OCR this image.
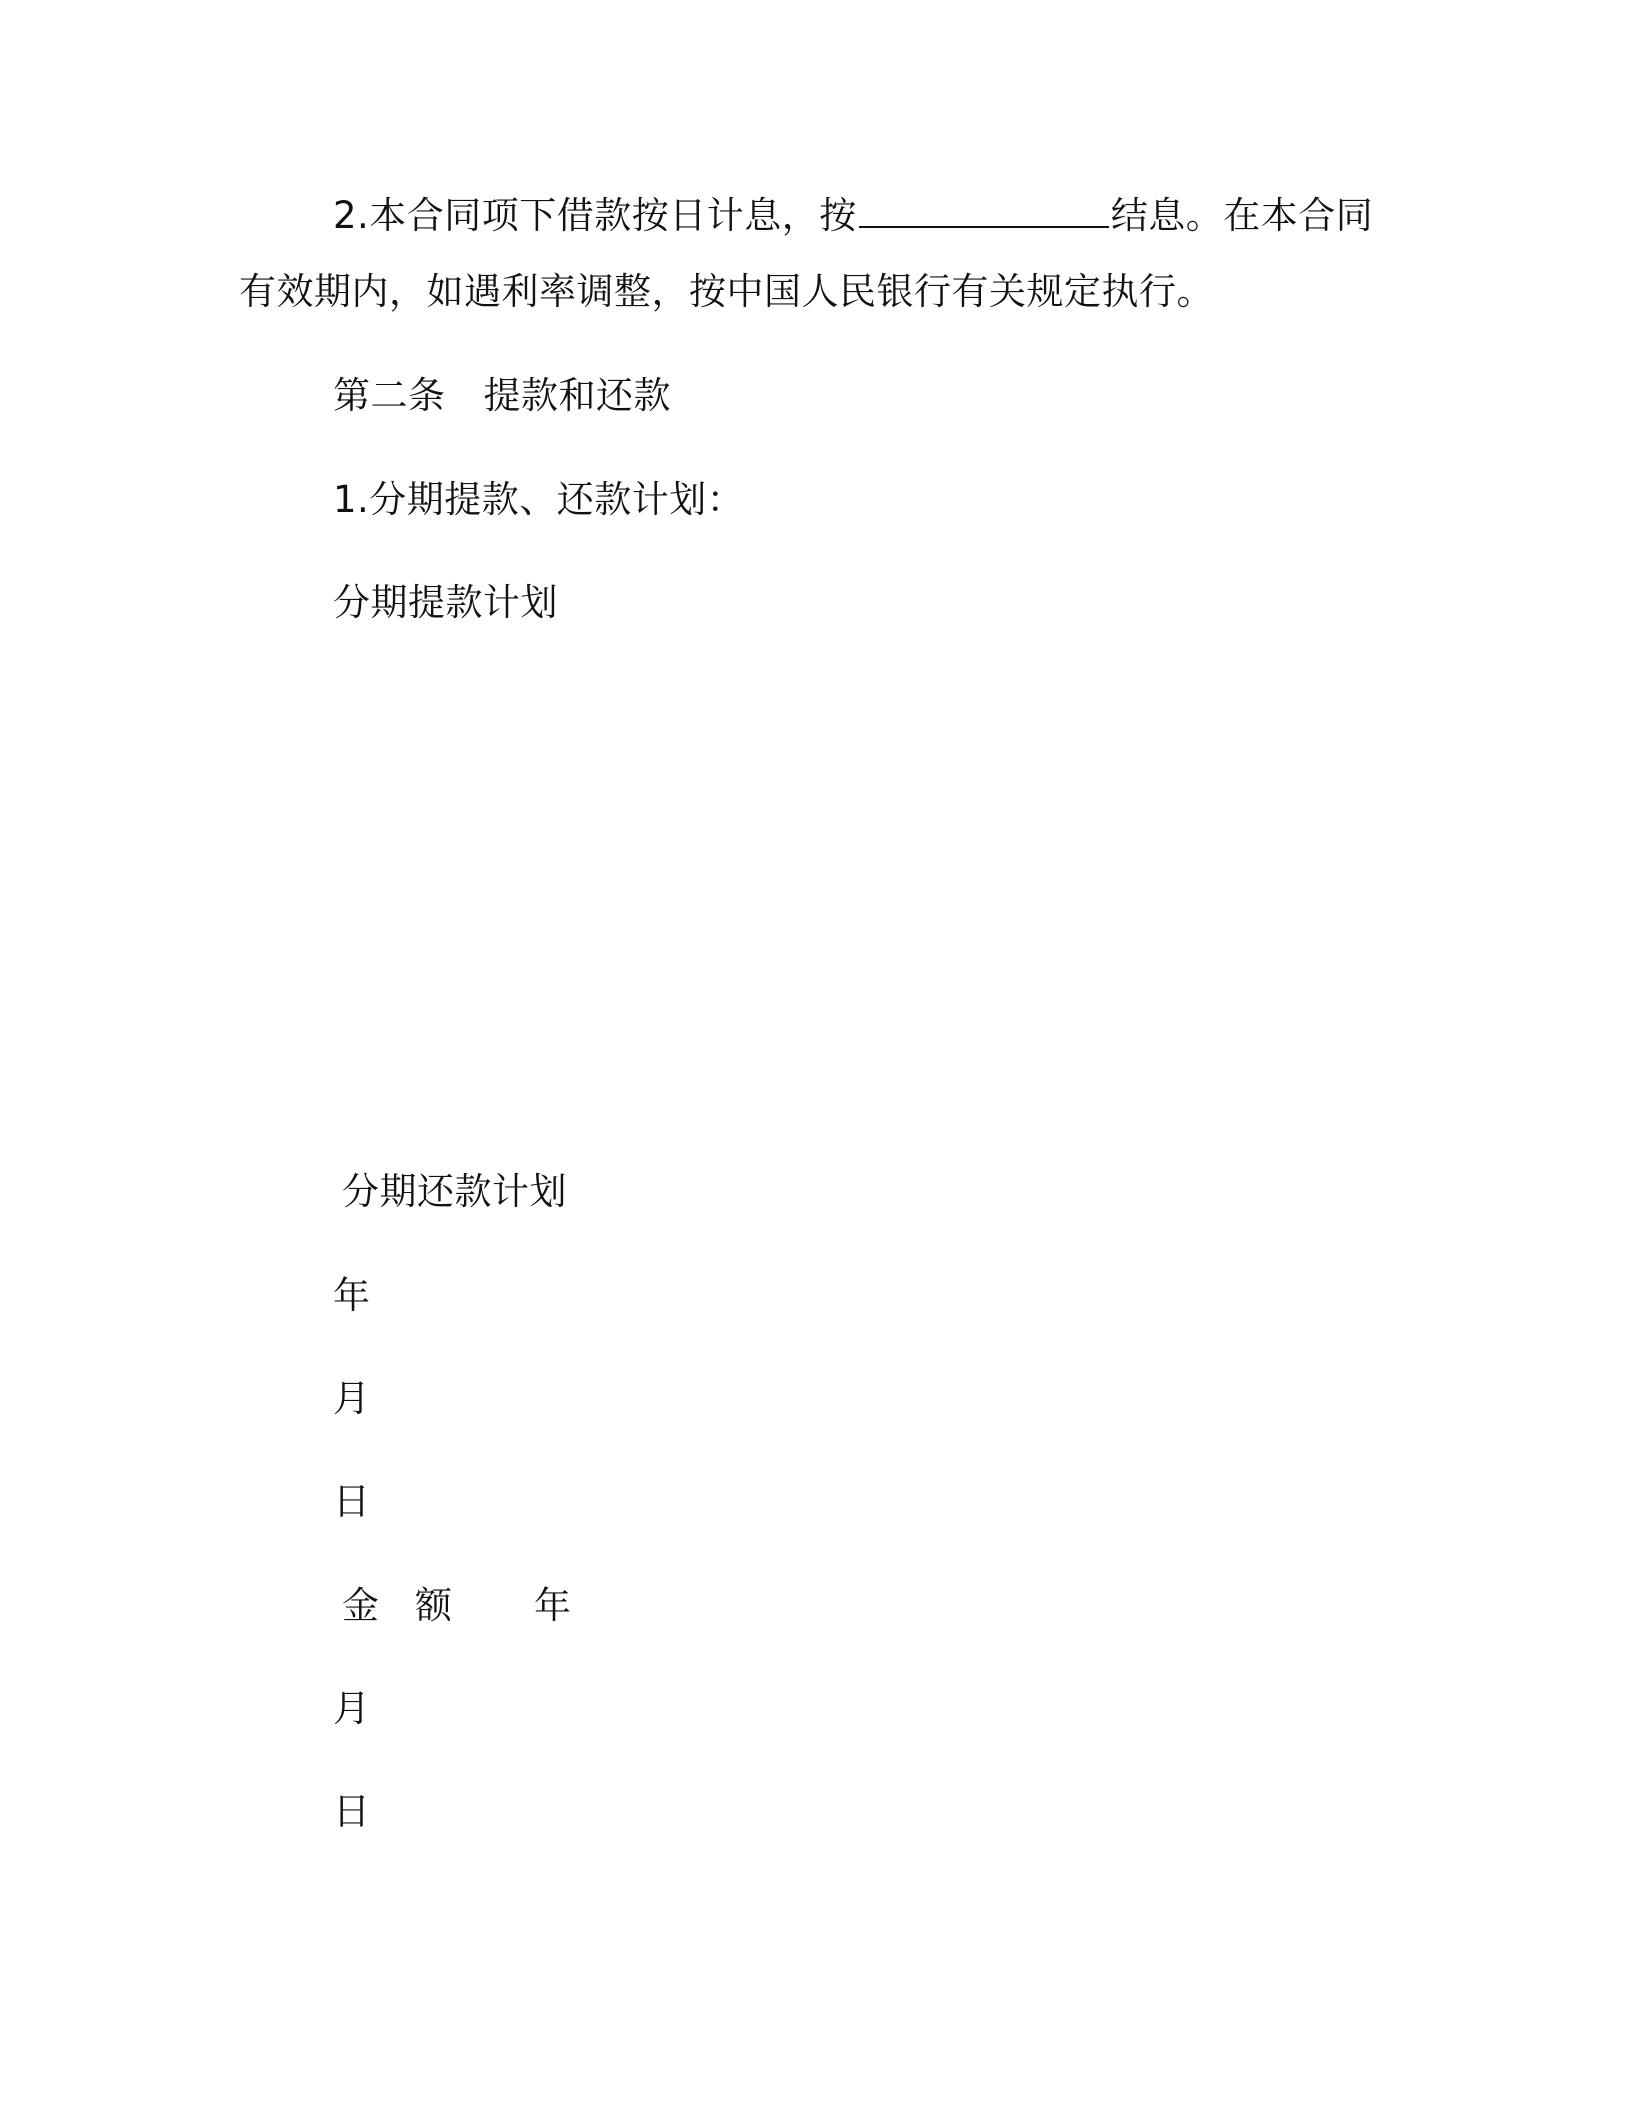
2.本合同项下借款按日计息，按	结息。在本合同
有效期内，如遇利率调整，按中国人民银行有关规定执行。
第二条 提款和还款
1.分期提款、还款计划：
分期提款计划
分期还款计划
年
月
日
金 额 年
月
日
